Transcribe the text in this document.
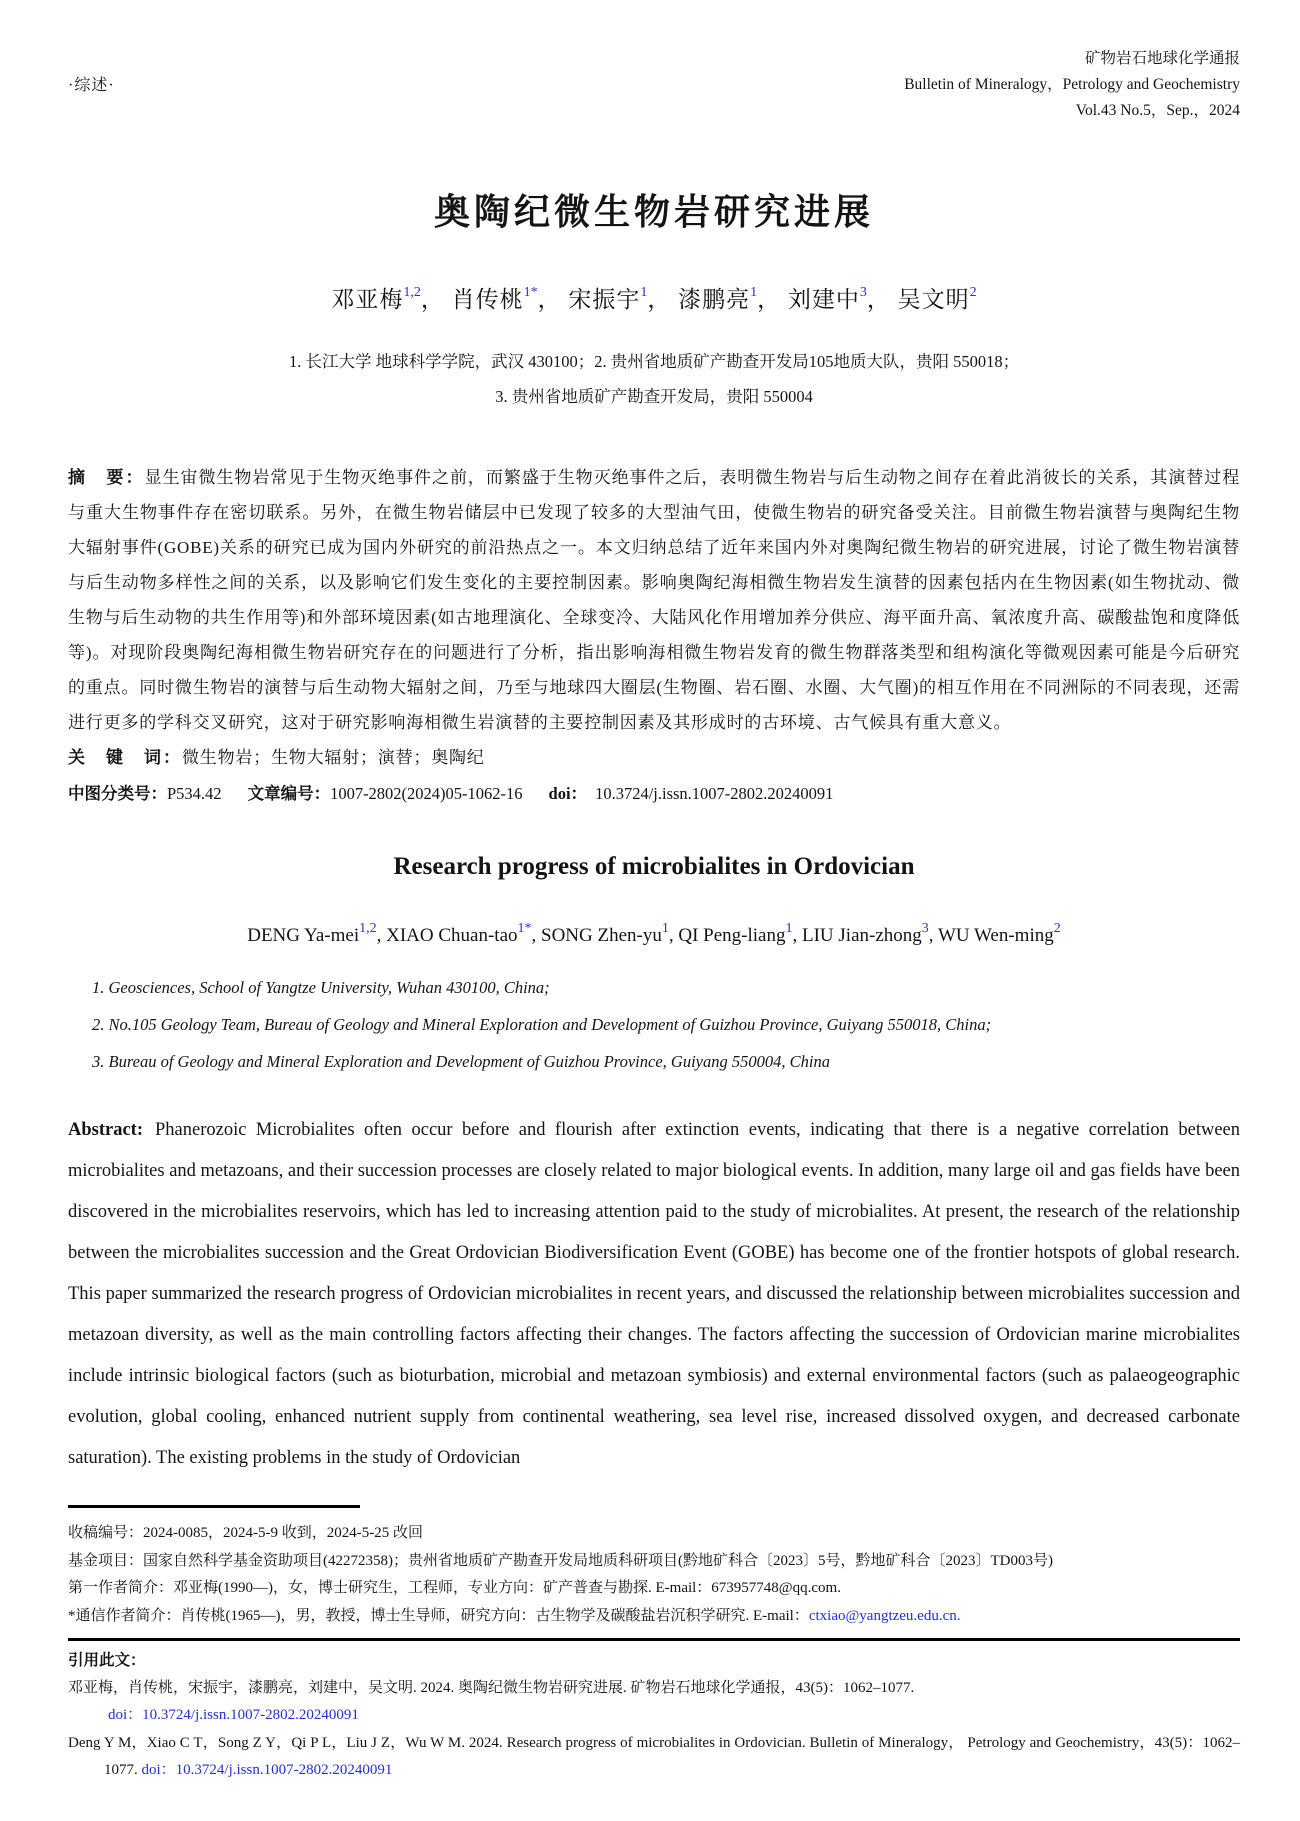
·综述·
矿物岩石地球化学通报
Bulletin of Mineralogy，Petrology and Geochemistry
Vol.43 No.5，Sep.，2024
奥陶纪微生物岩研究进展
邓亚梅$^{1,2}$， 肖传桃$^{1*}$， 宋振宇$^1$， 漆鹏亮$^1$， 刘建中$^3$， 吴文明$^2$
1. 长江大学 地球科学学院，武汉 430100；2. 贵州省地质矿产勘查开发局105地质大队，贵阳 550018；
3. 贵州省地质矿产勘查开发局，贵阳 550004

摘　要：显生宙微生物岩常见于生物灭绝事件之前，而繁盛于生物灭绝事件之后，表明微生物岩与后生动物之间存在着此消彼长的关系，其演替过程与重大生物事件存在密切联系。另外，在微生物岩储层中已发现了较多的大型油气田，使微生物岩的研究备受关注。目前微生物岩演替与奥陶纪生物大辐射事件(GOBE)关系的研究已成为国内外研究的前沿热点之一。本文归纳总结了近年来国内外对奥陶纪微生物岩的研究进展，讨论了微生物岩演替与后生动物多样性之间的关系，以及影响它们发生变化的主要控制因素。影响奥陶纪海相微生物岩发生演替的因素包括内在生物因素(如生物扰动、微生物与后生动物的共生作用等)和外部环境因素(如古地理演化、全球变冷、大陆风化作用增加养分供应、海平面升高、氧浓度升高、碳酸盐饱和度降低等)。对现阶段奥陶纪海相微生物岩研究存在的问题进行了分析，指出影响海相微生物岩发育的微生物群落类型和组构演化等微观因素可能是今后研究的重点。同时微生物岩的演替与后生动物大辐射之间，乃至与地球四大圈层(生物圈、岩石圈、水圈、大气圈)的相互作用在不同洲际的不同表现，还需进行更多的学科交叉研究，这对于研究影响海相微生岩演替的主要控制因素及其形成时的古环境、古气候具有重大意义。

关　键　词：微生物岩；生物大辐射；演替；奥陶纪

中图分类号：P534.42 文章编号：1007-2802(2024)05-1062-16 doi： 10.3724/j.issn.1007-2802.20240091

Research progress of microbialites in Ordovician
DENG Ya-mei$^{1,2}$, XIAO Chuan-tao$^{1*}$, SONG Zhen-$yu^1$, QI Peng-liang$^1$, LIU Jian-zhong$^3$, WU Wen-ming$^2$
1. Geosciences, School of Yangtze University, Wuhan 430100, China;
2. No.105 Geology Team, Bureau of Geology and Mineral Exploration and Development of Guizhou Province, Guiyang 550018, China;
3. Bureau of Geology and Mineral Exploration and Development of Guizhou Province, Guiyang 550004, China

Abstract: Phanerozoic Microbialites often occur before and flourish after extinction events, indicating that there is a negative correlation between microbialites and metazoans, and their succession processes are closely related to major biological events. In addition, many large oil and gas fields have been discovered in the microbialites reservoirs, which has led to increasing attention paid to the study of microbialites. At present, the research of the relationship between the microbialites succession and the Great Ordovician Biodiversification Event (GOBE) has become one of the frontier hotspots of global research. This paper summarized the research progress of Ordovician microbialites in recent years, and discussed the relationship between microbialites succession and metazoan diversity, as well as the main controlling factors affecting their changes. The factors affecting the succession of Ordovician marine microbialites include intrinsic biological factors (such as bioturbation, microbial and metazoan symbiosis) and external environmental factors (such as palaeogeographic evolution, global cooling, enhanced nutrient supply from continental weathering, sea level rise, increased dissolved oxygen, and decreased carbonate saturation). The existing problems in the study of Ordovician

收稿编号：2024-0085，2024-5-9 收到，2024-5-25 改回
基金项目：国家自然科学基金资助项目(42272358)；贵州省地质矿产勘查开发局地质科研项目(黔地矿科合〔2023〕5号，黔地矿科合〔2023〕TD003号)
第一作者简介：邓亚梅(1990—)，女，博士研究生，工程师，专业方向：矿产普查与勘探. E-mail：673957748@qq.com.
*通信作者简介：肖传桃(1965—)，男，教授，博士生导师，研究方向：古生物学及碳酸盐岩沉积学研究. E-mail：ctxiao@yangtzeu.edu.cn.
引用此文：
邓亚梅，肖传桃，宋振宇，漆鹏亮，刘建中，吴文明. 2024. 奥陶纪微生物岩研究进展. 矿物岩石地球化学通报，43(5)：1062–1077.
doi：10.3724/j.issn.1007-2802.20240091

Deng Y M，Xiao C T，Song Z Y，Qi P L，Liu J Z，Wu W M. 2024. Research progress of microbialites in Ordovician. Bulletin of Mineralogy， Petrology and Geochemistry，43(5)：1062–1077. doi：10.3724/j.issn.1007-2802.20240091
